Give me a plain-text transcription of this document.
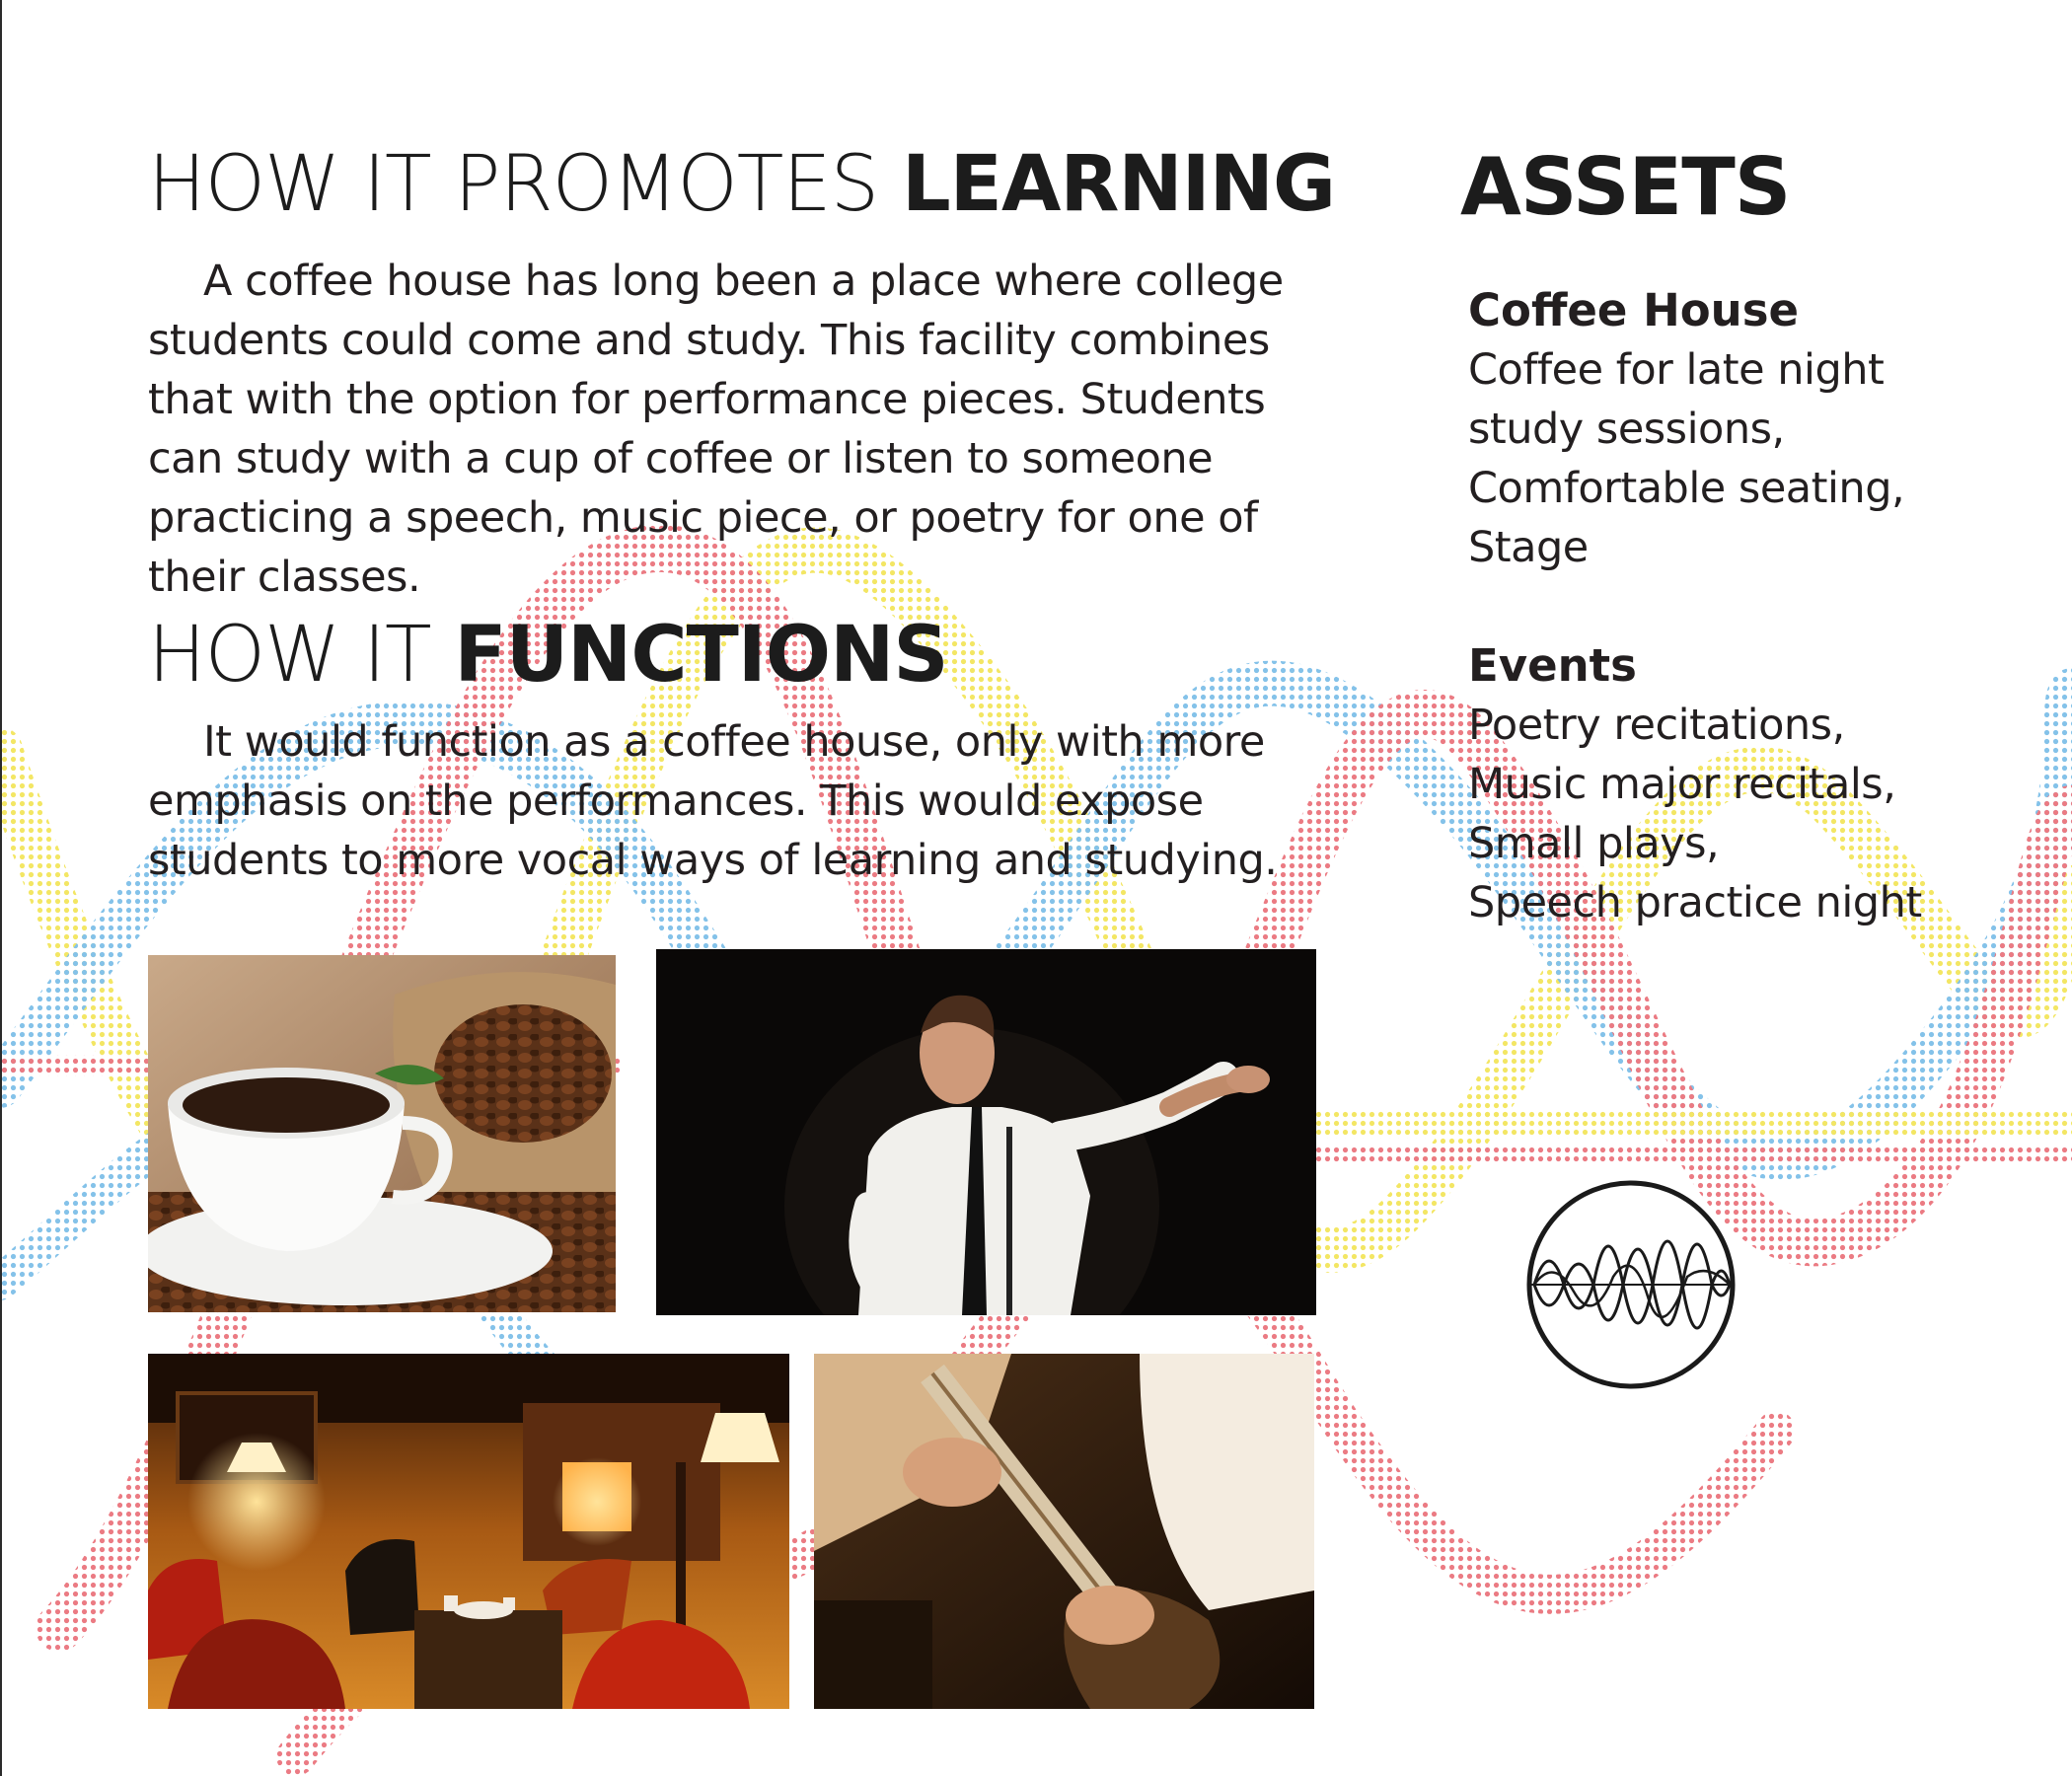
HOW IT PROMOTES LEARNING

A coffee house has long been a place where college students could come and study. This facility combines that with the option for performance pieces. Students can study with a cup of coffee or listen to someone practicing a speech, music piece, or poetry for one of their classes.

HOW IT FUNCTIONS

It would function as a coffee house, only with more emphasis on the performances. This would expose students to more vocal ways of learning and studying.

ASSETS

Coffee House

Coffee for late night

study sessions,

Comfortable seating,

Stage

Events

Poetry recitations,

Music major recitals,

Small plays,

Speech practice night
